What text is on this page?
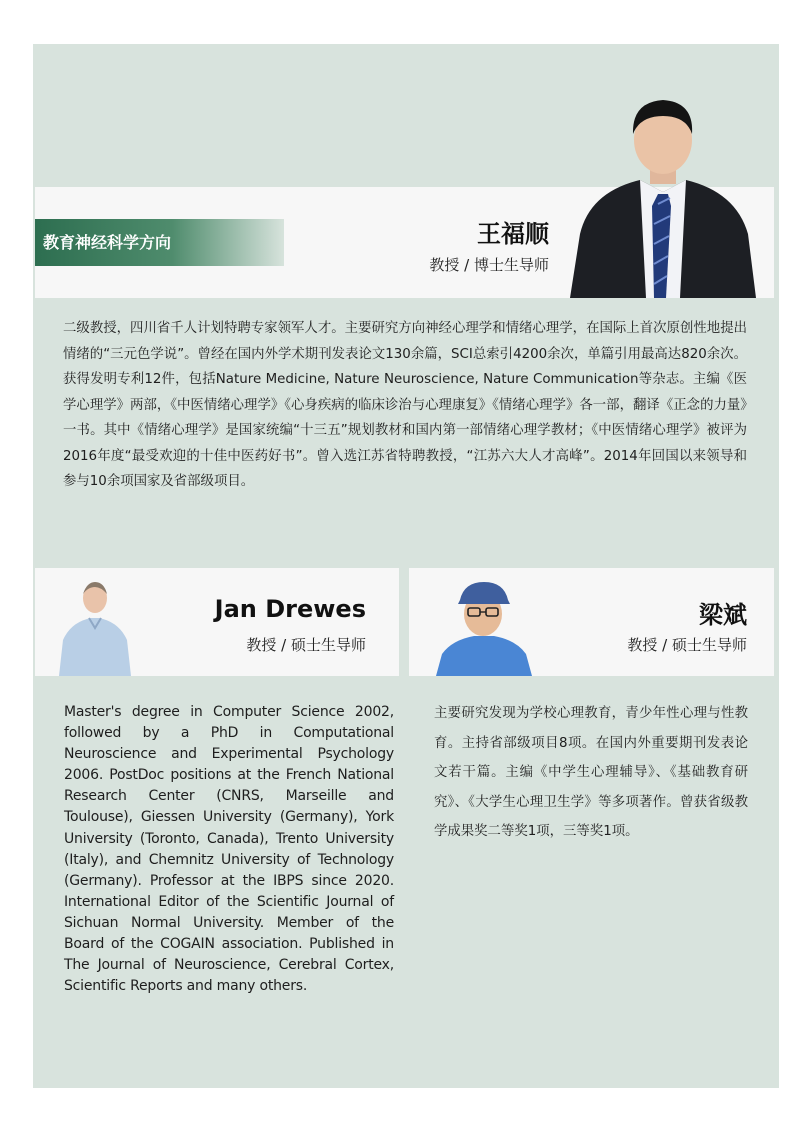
教育神经科学方向	王福顺
教授 / 博士生导师
二级教授，四川省千人计划特聘专家领军人才。主要研究方向神经心理学和情绪心理学，在国际上首次原创性地提出情绪的“三元色学说”。曾经在国内外学术期刊发表论文130余篇，SCI总索引4200余次，单篇引用最高达820余次。获得发明专利12件，包括Nature Medicine, Nature Neuroscience, Nature Communication等杂志。主编《医学心理学》两部，《中医情绪心理学》《心身疾病的临床诊治与心理康复》《情绪心理学》各一部，翻译《正念的力量》一书。其中《情绪心理学》是国家统编“十三五”规划教材和国内第一部情绪心理学教材；《中医情绪心理学》被评为2016年度“最受欢迎的十佳中医药好书”。曾入选江苏省特聘教授，“江苏六大人才高峰”。2014年回国以来领导和参与10余项国家及省部级项目。
Jan Drewes
教授 / 硕士生导师
梁斌
教授 / 硕士生导师
Master's degree in Computer Science 2002, followed by a PhD in Computational Neuroscience and Experimental Psychology 2006. PostDoc positions at the French National Research Center (CNRS, Marseille and Toulouse), Giessen University (Germany), York University (Toronto, Canada), Trento University (Italy), and Chemnitz University of Technology (Germany). Professor at the IBPS since 2020. International Editor of the Scientific Journal of Sichuan Normal University. Member of the Board of the COGAIN association. Published in The Journal of Neuroscience, Cerebral Cortex, Scientific Reports and many others.
主要研究发现为学校心理教育，青少年性心理与性教育。主持省部级项目8项。在国内外重要期刊发表论文若干篇。主编《中学生心理辅导》、《基础教育研究》、《大学生心理卫生学》等多项著作。曾获省级教学成果奖二等奖1项，三等奖1项。
